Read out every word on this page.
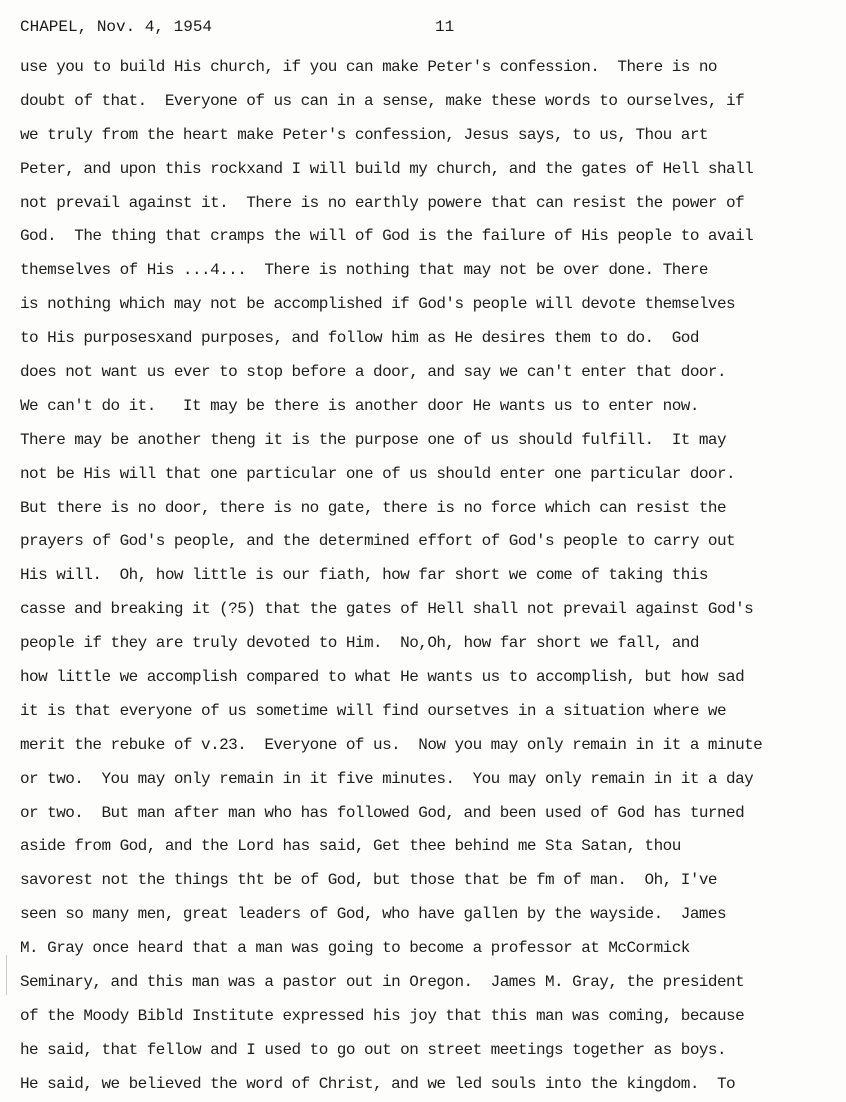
CHAPEL, Nov. 4, 1954	11
use you to build His church, if you can make Peter's confession.  There is no
doubt of that.  Everyone of us can in a sense, make these words to ourselves, if
we truly from the heart make Peter's confession, Jesus says, to us, Thou art
Peter, and upon this rockxand I will build my church, and the gates of Hell shall
not prevail against it.  There is no earthly powere that can resist the power of
God.  The thing that cramps the will of God is the failure of His people to avail
themselves of His ...4...  There is nothing that may not be over done. There
is nothing which may not be accomplished if God's people will devote themselves
to His purposesxand purposes, and follow him as He desires them to do.  God
does not want us ever to stop before a door, and say we can't enter that door.
We can't do it.   It may be there is another door He wants us to enter now.
There may be another theng it is the purpose one of us should fulfill.  It may
not be His will that one particular one of us should enter one particular door.
But there is no door, there is no gate, there is no force which can resist the
prayers of God's people, and the determined effort of God's people to carry out
His will.  Oh, how little is our fiath, how far short we come of taking this
casse and breaking it (?5) that the gates of Hell shall not prevail against God's
people if they are truly devoted to Him.  No,Oh, how far short we fall, and
how little we accomplish compared to what He wants us to accomplish, but how sad
it is that everyone of us sometime will find oursetves in a situation where we
merit the rebuke of v.23.  Everyone of us.  Now you may only remain in it a minute
or two.  You may only remain in it five minutes.  You may only remain in it a day
or two.  But man after man who has followed God, and been used of God has turned
aside from God, and the Lord has said, Get thee behind me Sta Satan, thou
savorest not the things tht be of God, but those that be fm of man.  Oh, I've
seen so many men, great leaders of God, who have gallen by the wayside.  James
M. Gray once heard that a man was going to become a professor at McCormick
Seminary, and this man was a pastor out in Oregon.  James M. Gray, the president
of the Moody Bibld Institute expressed his joy that this man was coming, because
he said, that fellow and I used to go out on street meetings together as boys.
He said, we believed the word of Christ, and we led souls into the kingdom.  To
